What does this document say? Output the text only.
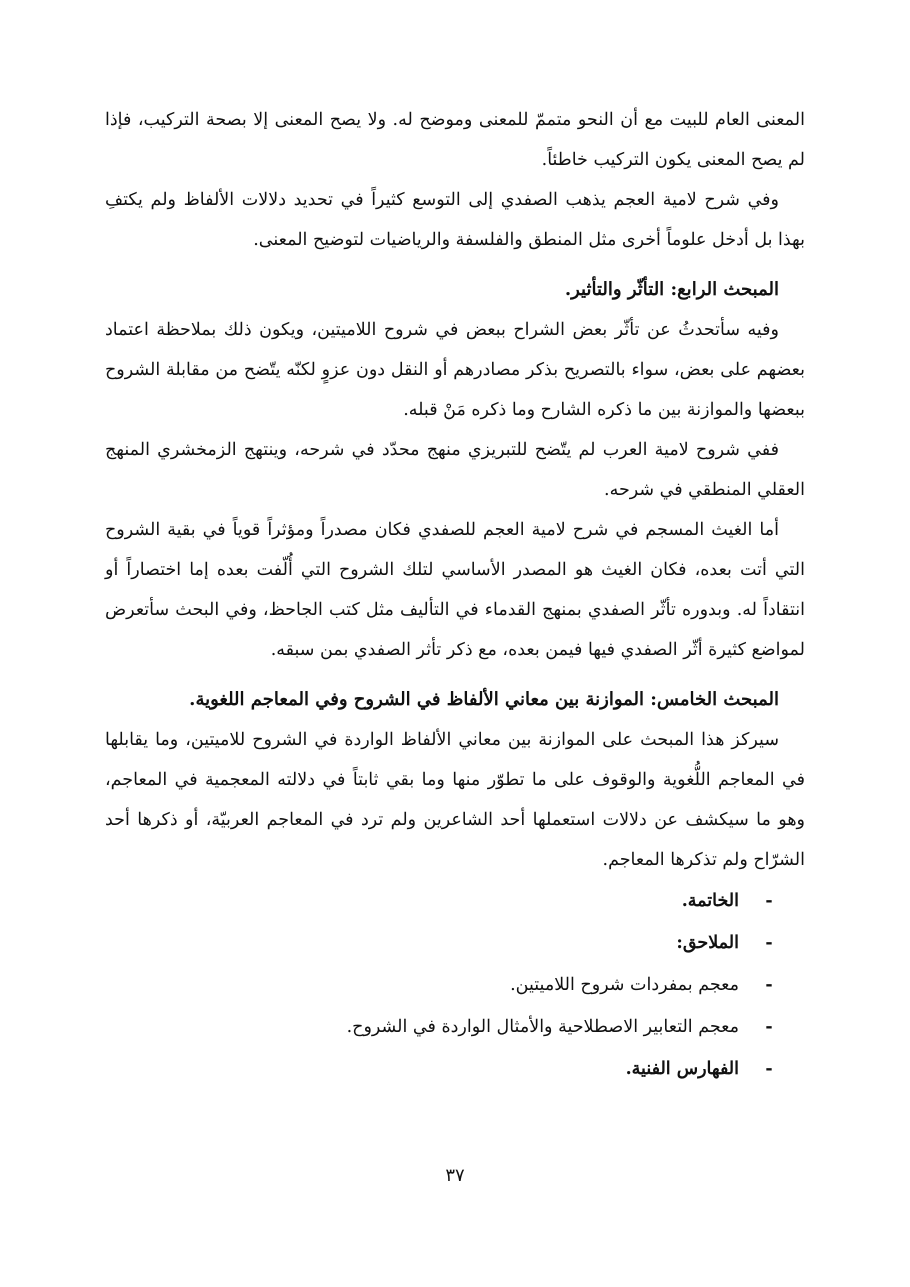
المعنى العام للبيت مع أن النحو متممّ للمعنى وموضح له. ولا يصح المعنى إلا بصحة التركيب، فإذا لم يصح المعنى يكون التركيب خاطئاً.

وفي شرح لامية العجم يذهب الصفدي إلى التوسع كثيراً في تحديد دلالات الألفاظ ولم يكتفِ بهذا بل أدخل علوماً أخرى مثل المنطق والفلسفة والرياضيات لتوضيح المعنى.

المبحث الرابع: التأثّر والتأثير.

وفيه سأتحدثُ عن تأثّر بعض الشراح ببعض في شروح اللاميتين، ويكون ذلك بملاحظة اعتماد بعضهم على بعض، سواء بالتصريح بذكر مصادرهم أو النقل دون عزوٍ لكنّه يتّضح من مقابلة الشروح ببعضها والموازنة بين ما ذكره الشارح وما ذكره مَنْ قبله.

ففي شروح لامية العرب لم يتّضح للتبريزي منهج محدّد في شرحه، وينتهج الزمخشري المنهج العقلي المنطقي في شرحه.

أما الغيث المسجم في شرح لامية العجم للصفدي فكان مصدراً ومؤثراً قوياً في بقية الشروح التي أتت بعده، فكان الغيث هو المصدر الأساسي لتلك الشروح التي أُلّفت بعده إما اختصاراً أو انتقاداً له. وبدوره تأثّر الصفدي بمنهج القدماء في التأليف مثل كتب الجاحظ، وفي البحث سأتعرض لمواضع كثيرة أثّر الصفدي فيها فيمن بعده، مع ذكر تأثر الصفدي بمن سبقه.

المبحث الخامس: الموازنة بين معاني الألفاظ في الشروح وفي المعاجم اللغوية.

سيركز هذا المبحث على الموازنة بين معاني الألفاظ الواردة في الشروح للاميتين، وما يقابلها في المعاجم اللُّغوية والوقوف على ما تطوّر منها وما بقي ثابتاً في دلالته المعجمية في المعاجم، وهو ما سيكشف عن دلالات استعملها أحد الشاعرين ولم ترد في المعاجم العربيّة، أو ذكرها أحد الشرّاح ولم تذكرها المعاجم.

-
الخاتمة.
-
الملاحق:
-
معجم بمفردات شروح اللاميتين.
-
معجم التعابير الاصطلاحية والأمثال الواردة في الشروح.
-
الفهارس الفنية.
٣٧
